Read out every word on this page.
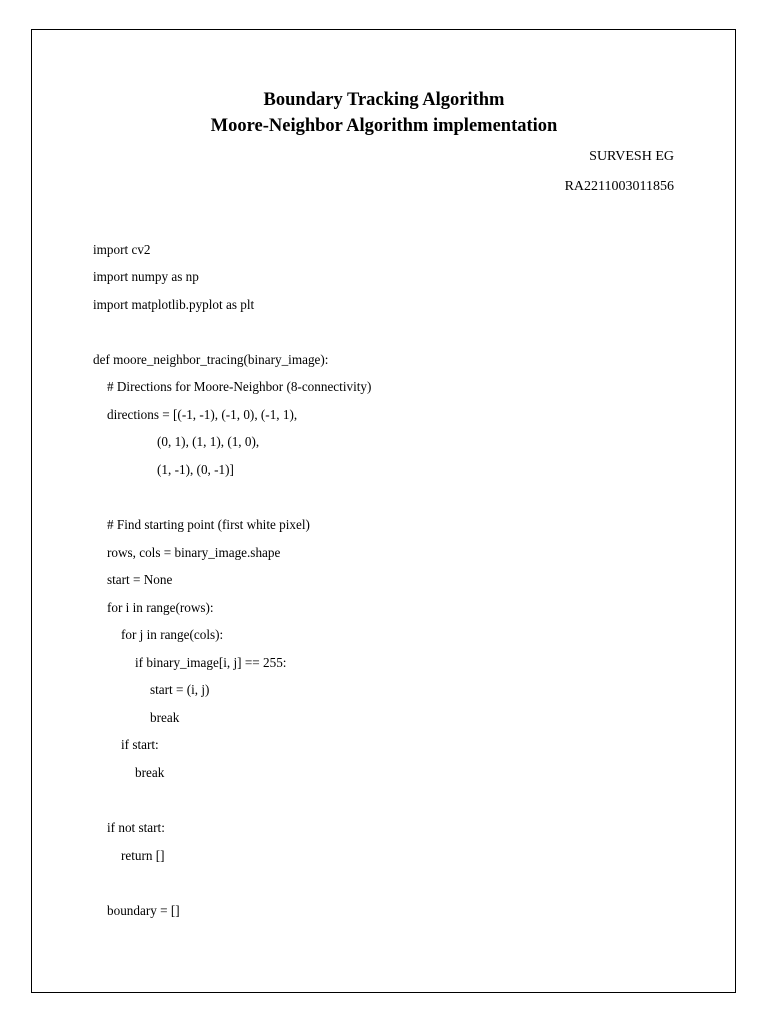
Boundary Tracking Algorithm
Moore-Neighbor Algorithm implementation
SURVESH EG
RA2211003011856
import cv2
import numpy as np
import matplotlib.pyplot as plt
def moore_neighbor_tracing(binary_image):
# Directions for Moore-Neighbor (8-connectivity)
directions = [(-1, -1), (-1, 0), (-1, 1),
(0, 1), (1, 1), (1, 0),
(1, -1), (0, -1)]
# Find starting point (first white pixel)
rows, cols = binary_image.shape
start = None
for i in range(rows):
for j in range(cols):
if binary_image[i, j] == 255:
start = (i, j)
break
if start:
break
if not start:
return []
boundary = []
